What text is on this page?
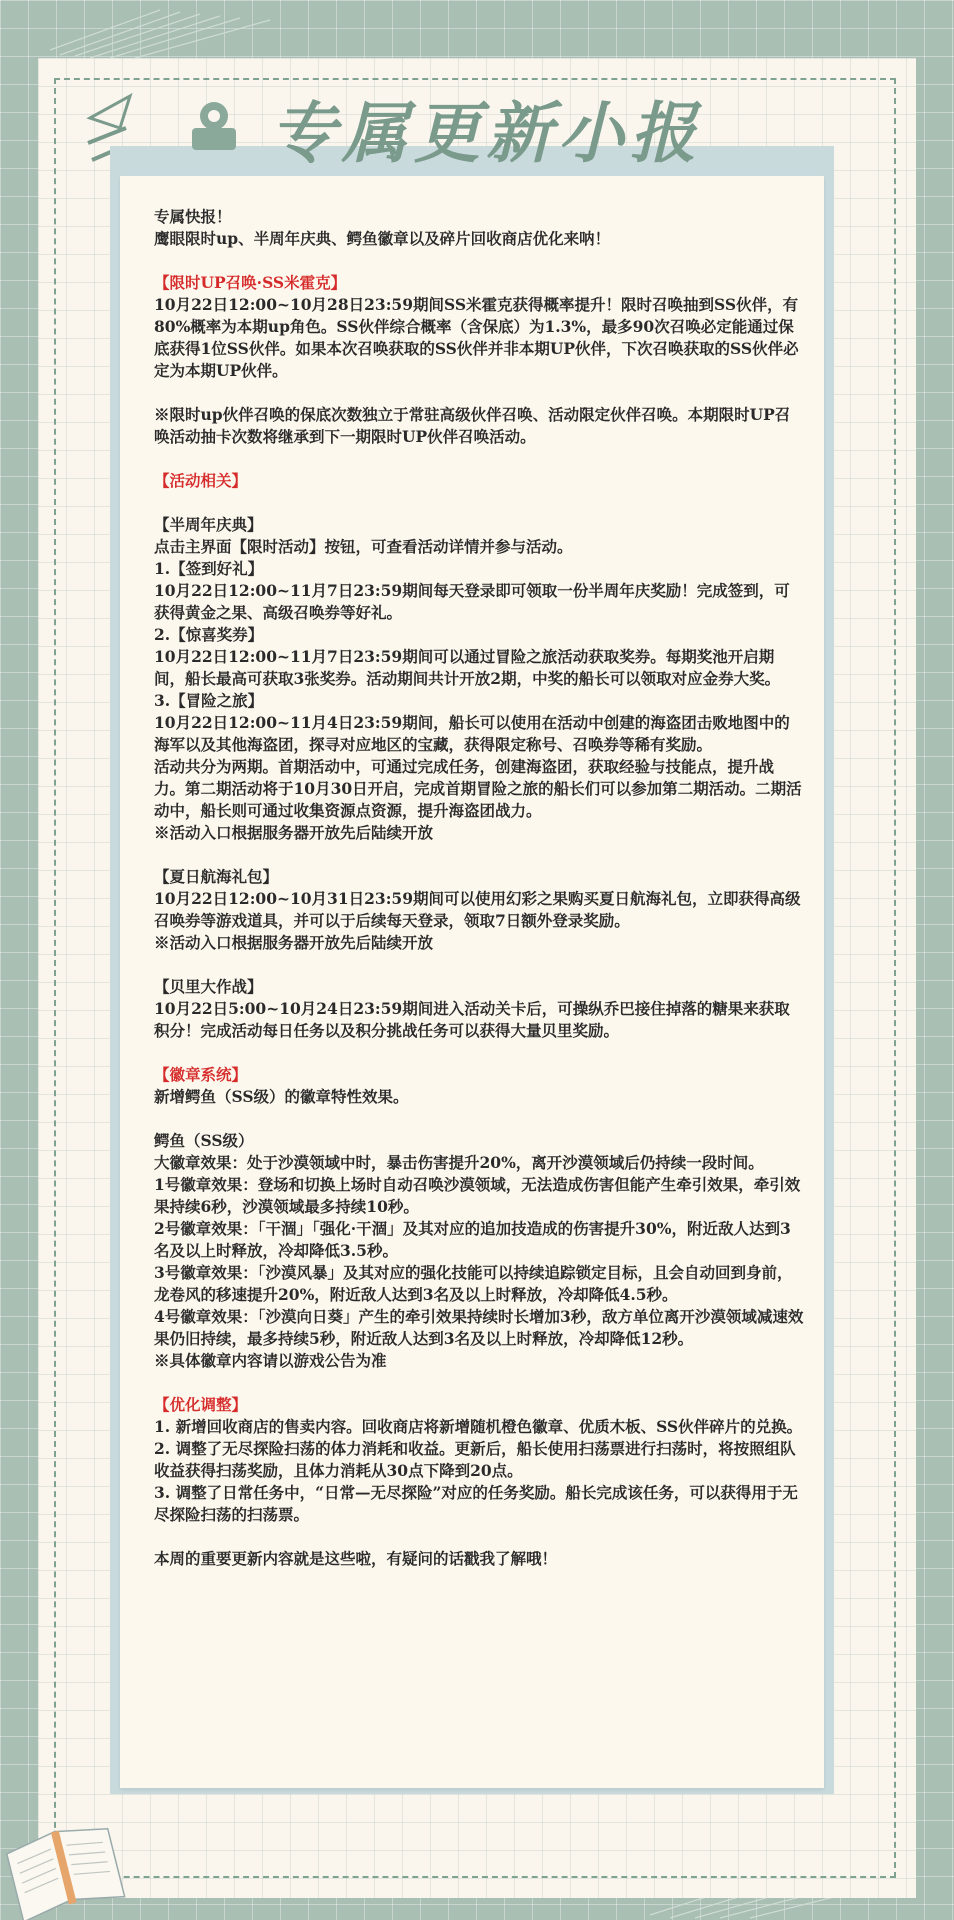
专属更新小报

专属快报！

鹰眼限时up、半周年庆典、鳄鱼徽章以及碎片回收商店优化来呐！

【限时UP召唤·SS米霍克】

10月22日12:00~10月28日23:59期间SS米霍克获得概率提升！限时召唤抽到SS伙伴，有80%概率为本期up角色。SS伙伴综合概率（含保底）为1.3%，最多90次召唤必定能通过保底获得1位SS伙伴。如果本次召唤获取的SS伙伴并非本期UP伙伴，下次召唤获取的SS伙伴必定为本期UP伙伴。

※限时up伙伴召唤的保底次数独立于常驻高级伙伴召唤、活动限定伙伴召唤。本期限时UP召唤活动抽卡次数将继承到下一期限时UP伙伴召唤活动。

【活动相关】

【半周年庆典】

点击主界面【限时活动】按钮，可查看活动详情并参与活动。

1.【签到好礼】

10月22日12:00~11月7日23:59期间每天登录即可领取一份半周年庆奖励！完成签到，可获得黄金之果、高级召唤券等好礼。

2.【惊喜奖券】

10月22日12:00~11月7日23:59期间可以通过冒险之旅活动获取奖券。每期奖池开启期间，船长最高可获取3张奖券。活动期间共计开放2期，中奖的船长可以领取对应金券大奖。

3.【冒险之旅】

10月22日12:00~11月4日23:59期间，船长可以使用在活动中创建的海盗团击败地图中的海军以及其他海盗团，探寻对应地区的宝藏，获得限定称号、召唤券等稀有奖励。

活动共分为两期。首期活动中，可通过完成任务，创建海盗团，获取经验与技能点，提升战力。第二期活动将于10月30日开启，完成首期冒险之旅的船长们可以参加第二期活动。二期活动中，船长则可通过收集资源点资源，提升海盗团战力。

※活动入口根据服务器开放先后陆续开放

【夏日航海礼包】

10月22日12:00~10月31日23:59期间可以使用幻彩之果购买夏日航海礼包，立即获得高级召唤券等游戏道具，并可以于后续每天登录，领取7日额外登录奖励。

※活动入口根据服务器开放先后陆续开放

【贝里大作战】

10月22日5:00~10月24日23:59期间进入活动关卡后，可操纵乔巴接住掉落的糖果来获取积分！完成活动每日任务以及积分挑战任务可以获得大量贝里奖励。

【徽章系统】

新增鳄鱼（SS级）的徽章特性效果。

鳄鱼（SS级）

大徽章效果：处于沙漠领域中时，暴击伤害提升20%，离开沙漠领域后仍持续一段时间。

1号徽章效果：登场和切换上场时自动召唤沙漠领域，无法造成伤害但能产生牵引效果，牵引效果持续6秒，沙漠领域最多持续10秒。

2号徽章效果：「干涸」「强化·干涸」及其对应的追加技造成的伤害提升30%，附近敌人达到3名及以上时释放，冷却降低3.5秒。

3号徽章效果：「沙漠风暴」及其对应的强化技能可以持续追踪锁定目标，且会自动回到身前，龙卷风的移速提升20%，附近敌人达到3名及以上时释放，冷却降低4.5秒。

4号徽章效果：「沙漠向日葵」产生的牵引效果持续时长增加3秒，敌方单位离开沙漠领域减速效果仍旧持续，最多持续5秒，附近敌人达到3名及以上时释放，冷却降低12秒。

※具体徽章内容请以游戏公告为准

【优化调整】

1. 新增回收商店的售卖内容。回收商店将新增随机橙色徽章、优质木板、SS伙伴碎片的兑换。

2. 调整了无尽探险扫荡的体力消耗和收益。更新后，船长使用扫荡票进行扫荡时，将按照组队收益获得扫荡奖励，且体力消耗从30点下降到20点。

3. 调整了日常任务中，“日常—无尽探险”对应的任务奖励。船长完成该任务，可以获得用于无尽探险扫荡的扫荡票。

本周的重要更新内容就是这些啦，有疑问的话戳我了解哦！
